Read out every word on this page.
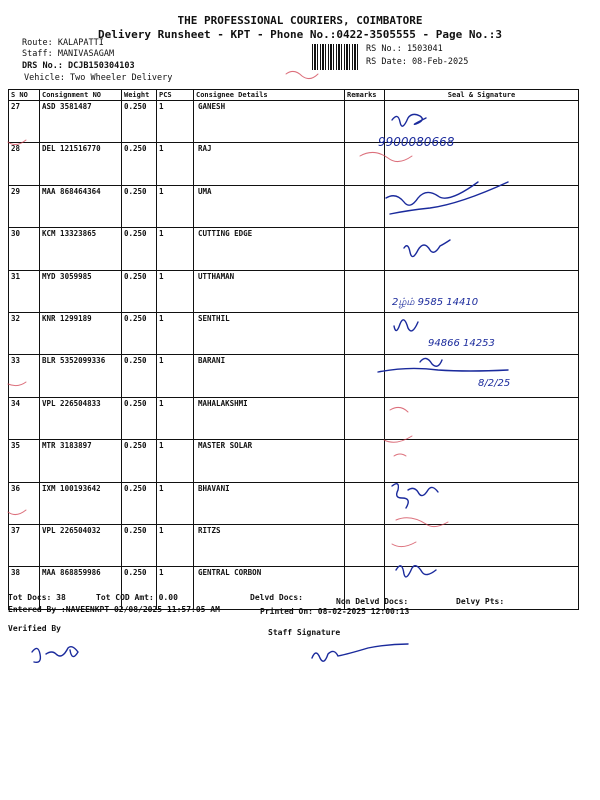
THE PROFESSIONAL COURIERS, COIMBATORE
Delivery Runsheet - KPT - Phone No.:0422-3505555 - Page No.:3
Route: KALAPATTI
Staff: MANIVASAGAM
DRS No.: DCJB150304103
Vehicle: Two Wheeler Delivery
RS No.: 1503041
RS Date: 08-Feb-2025
S NO	Consignment NO	Weight	PCS	Consignee Details	Remarks	Seal & Signature
27	ASD 3581487	0.250	1	GANESH		
28	DEL 121516770	0.250	1	RAJ		
29	MAA 868464364	0.250	1	UMA		
30	KCM 13323865	0.250	1	CUTTING EDGE		
31	MYD 3059985	0.250	1	UTTHAMAN		
32	KNR 1299189	0.250	1	SENTHIL		
33	BLR 5352099336	0.250	1	BARANI		
34	VPL 226504833	0.250	1	MAHALAKSHMI		
35	MTR 3183897	0.250	1	MASTER SOLAR		
36	IXM 100193642	0.250	1	BHAVANI		
37	VPL 226504032	0.250	1	RITZS		
38	MAA 868859986	0.250	1	GENTRAL CORBON		
9900080668
2ழ்ம் 9585 14410
94866 14253
8/2/25
Tot Docs: 38	Tot COD Amt: 0.00	Delvd Docs:	Non Delvd Docs:	Delvy Pts:
Entered By :NAVEENKPT 02/08/2025 11:57:05 AM	Printed On: 08-02-2025 12:00:13
Verified By	Staff Signature
